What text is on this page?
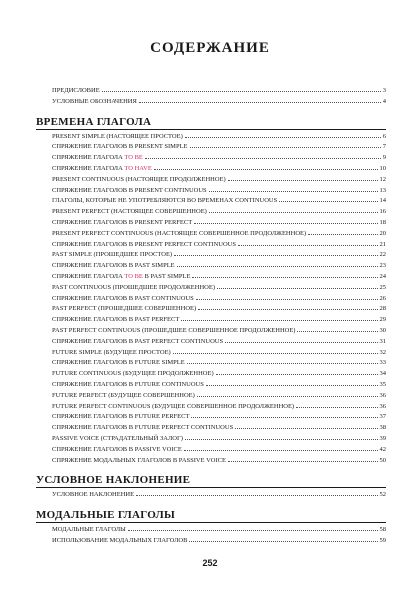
СОДЕРЖАНИЕ
ПРЕДИСЛОВИЕ	3
УСЛОВНЫЕ ОБОЗНАЧЕНИЯ	4
ВРЕМЕНА ГЛАГОЛА
PRESENT SIMPLE (НАСТОЯЩЕЕ ПРОСТОЕ)	6
СПРЯЖЕНИЕ ГЛАГОЛОВ В PRESENT SIMPLE	7
СПРЯЖЕНИЕ ГЛАГОЛА TO BE	9
СПРЯЖЕНИЕ ГЛАГОЛА TO HAVE	10
PRESENT CONTINUOUS (НАСТОЯЩЕЕ ПРОДОЛЖЕННОЕ)	12
СПРЯЖЕНИЕ ГЛАГОЛОВ В PRESENT CONTINUOUS	13
ГЛАГОЛЫ, КОТОРЫЕ НЕ УПОТРЕБЛЯЮТСЯ ВО ВРЕМЕНАХ CONTINUOUS	14
PRESENT PERFECT (НАСТОЯЩЕЕ СОВЕРШЕННОЕ)	16
СПРЯЖЕНИЕ ГЛАГОЛОВ В PRESENT PERFECT	18
PRESENT PERFECT CONTINUOUS (НАСТОЯЩЕЕ СОВЕРШЕННОЕ ПРОДОЛЖЕННОЕ)	20
СПРЯЖЕНИЕ ГЛАГОЛОВ В PRESENT PERFECT CONTINUOUS	21
PAST SIMPLE (ПРОШЕДШЕЕ ПРОСТОЕ)	22
СПРЯЖЕНИЕ ГЛАГОЛОВ В PAST SIMPLE	23
СПРЯЖЕНИЕ ГЛАГОЛА TO BE В PAST SIMPLE	24
PAST CONTINUOUS (ПРОШЕДШЕЕ ПРОДОЛЖЕННОЕ)	25
СПРЯЖЕНИЕ ГЛАГОЛОВ В PAST CONTINUOUS	26
PAST PERFECT (ПРОШЕДШЕЕ СОВЕРШЕННОЕ)	28
СПРЯЖЕНИЕ ГЛАГОЛОВ В PAST PERFECT	29
PAST PERFECT CONTINUOUS (ПРОШЕДШЕЕ СОВЕРШЕННОЕ ПРОДОЛЖЕННОЕ)	30
СПРЯЖЕНИЕ ГЛАГОЛОВ В PAST PERFECT CONTINUOUS	31
FUTURE SIMPLE (БУДУЩЕЕ ПРОСТОЕ)	32
СПРЯЖЕНИЕ ГЛАГОЛОВ В FUTURE SIMPLE	33
FUTURE CONTINUOUS (БУДУЩЕЕ ПРОДОЛЖЕННОЕ)	34
СПРЯЖЕНИЕ ГЛАГОЛОВ В FUTURE CONTINUOUS	35
FUTURE PERFECT (БУДУЩЕЕ СОВЕРШЕННОЕ)	36
FUTURE PERFECT CONTINUOUS (БУДУЩЕЕ СОВЕРШЕННОЕ ПРОДОЛЖЕННОЕ)	36
СПРЯЖЕНИЕ ГЛАГОЛОВ В FUTURE PERFECT	37
СПРЯЖЕНИЕ ГЛАГОЛОВ В FUTURE PERFECT CONTINUOUS	38
PASSIVE VOICE (СТРАДАТЕЛЬНЫЙ ЗАЛОГ)	39
СПРЯЖЕНИЕ ГЛАГОЛОВ В PASSIVE VOICE	42
СПРЯЖЕНИЕ МОДАЛЬНЫХ ГЛАГОЛОВ В PASSIVE VOICE	50
УСЛОВНОЕ НАКЛОНЕНИЕ
УСЛОВНОЕ НАКЛОНЕНИЕ	52
МОДАЛЬНЫЕ ГЛАГОЛЫ
МОДАЛЬНЫЕ ГЛАГОЛЫ	58
ИСПОЛЬЗОВАНИЕ МОДАЛЬНЫХ ГЛАГОЛОВ	59
252
